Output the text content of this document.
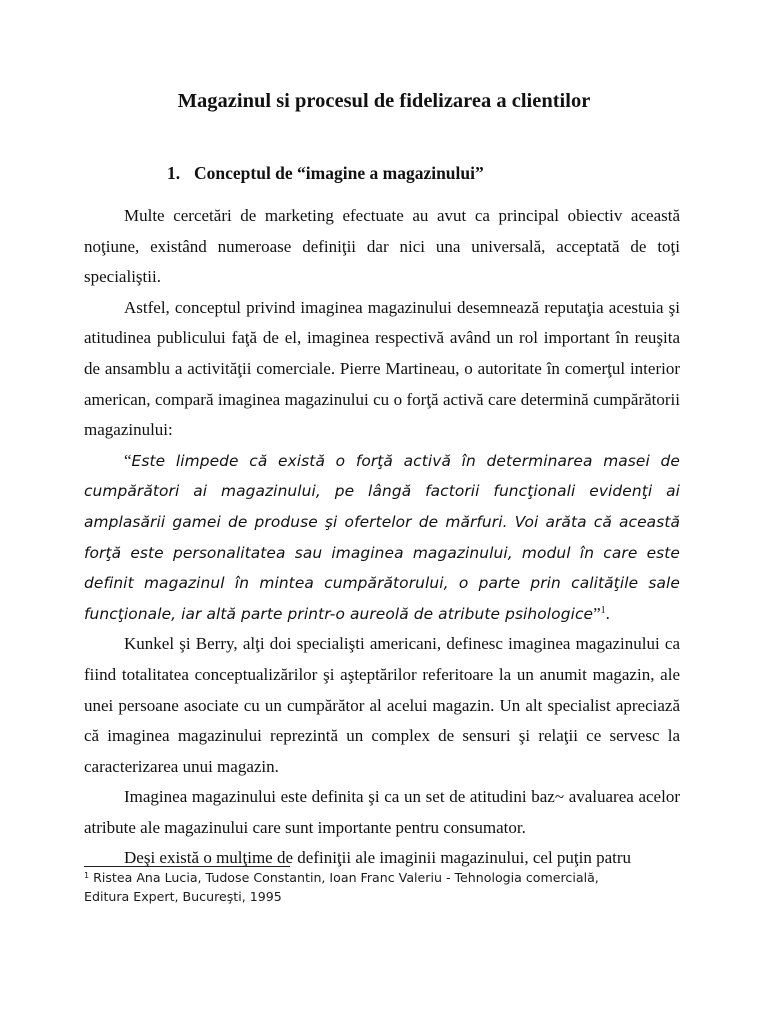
Magazinul si procesul de fidelizarea a clientilor
1. Conceptul de “imagine a magazinului”

Multe cercetări de marketing efectuate au avut ca principal obiectiv această noţiune, existând numeroase definiţii dar nici una universală, acceptată de toţi specialiştii.

Astfel, conceptul privind imaginea magazinului desemnează reputaţia acestuia şi atitudinea publicului faţă de el, imaginea respectivă având un rol important în reuşita de ansamblu a activităţii comerciale. Pierre Martineau, o autoritate în comerţul interior american, compară imaginea magazinului cu o forţă activă care determină cumpărătorii magazinului:

“Este limpede că există o forţă activă în determinarea masei de cumpărători ai magazinului, pe lângă factorii funcţionali evidenţi ai amplasării gamei de produse şi ofertelor de mărfuri. Voi arăta că această forţă este personalitatea sau imaginea magazinului, modul în care este definit magazinul în mintea cumpărătorului, o parte prin calităţile sale funcţionale, iar altă parte printr-o aureolă de atribute psihologice”$^1$.

Kunkel şi Berry, alţi doi specialişti americani, definesc imaginea magazinului ca fiind totalitatea conceptualizărilor şi aşteptărilor referitoare la un anumit magazin, ale unei persoane asociate cu un cumpărător al acelui magazin. Un alt specialist apreciază că imaginea magazinului reprezintă un complex de sensuri şi relaţii ce servesc la caracterizarea unui magazin.

Imaginea magazinului este definita şi ca un set de atitudini baz~ avaluarea acelor atribute ale magazinului care sunt importante pentru consumator.

Deşi există o mulţime de definiţii ale imaginii magazinului, cel puţin patru

$^1$ Ristea Ana Lucia, Tudose Constantin, Ioan Franc Valeriu - Tehnologia comercială, Editura Expert, Bucureşti, 1995
